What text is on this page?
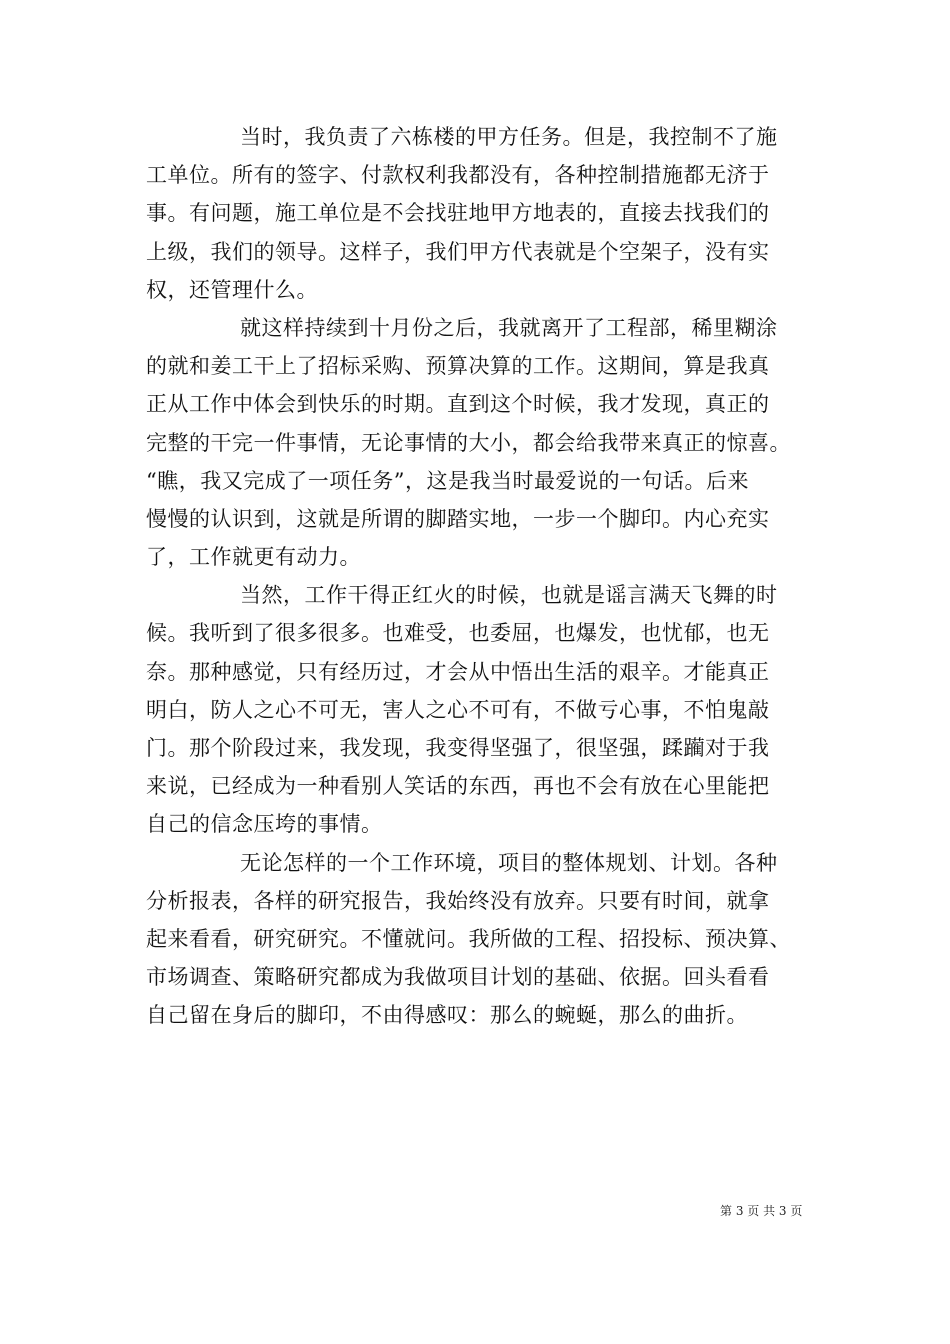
当时，我负责了六栋楼的甲方任务。但是，我控制不了施
工单位。所有的签字、付款权利我都没有，各种控制措施都无济于
事。有问题，施工单位是不会找驻地甲方地表的，直接去找我们的
上级，我们的领导。这样子，我们甲方代表就是个空架子，没有实
权，还管理什么。
就这样持续到十月份之后，我就离开了工程部，稀里糊涂
的就和姜工干上了招标采购、预算决算的工作。这期间，算是我真
正从工作中体会到快乐的时期。直到这个时候，我才发现，真正的
完整的干完一件事情，无论事情的大小，都会给我带来真正的惊喜。
“瞧，我又完成了一项任务”，这是我当时最爱说的一句话。后来
慢慢的认识到，这就是所谓的脚踏实地，一步一个脚印。内心充实
了，工作就更有动力。
当然，工作干得正红火的时候，也就是谣言满天飞舞的时
候。我听到了很多很多。也难受，也委屈，也爆发，也忧郁，也无
奈。那种感觉，只有经历过，才会从中悟出生活的艰辛。才能真正
明白，防人之心不可无，害人之心不可有，不做亏心事，不怕鬼敲
门。那个阶段过来，我发现，我变得坚强了，很坚强，蹂躏对于我
来说，已经成为一种看别人笑话的东西，再也不会有放在心里能把
自己的信念压垮的事情。
无论怎样的一个工作环境，项目的整体规划、计划。各种
分析报表，各样的研究报告，我始终没有放弃。只要有时间，就拿
起来看看，研究研究。不懂就问。我所做的工程、招投标、预决算、
市场调查、策略研究都成为我做项目计划的基础、依据。回头看看
自己留在身后的脚印，不由得感叹：那么的蜿蜒，那么的曲折。
第 3 页 共 3 页
